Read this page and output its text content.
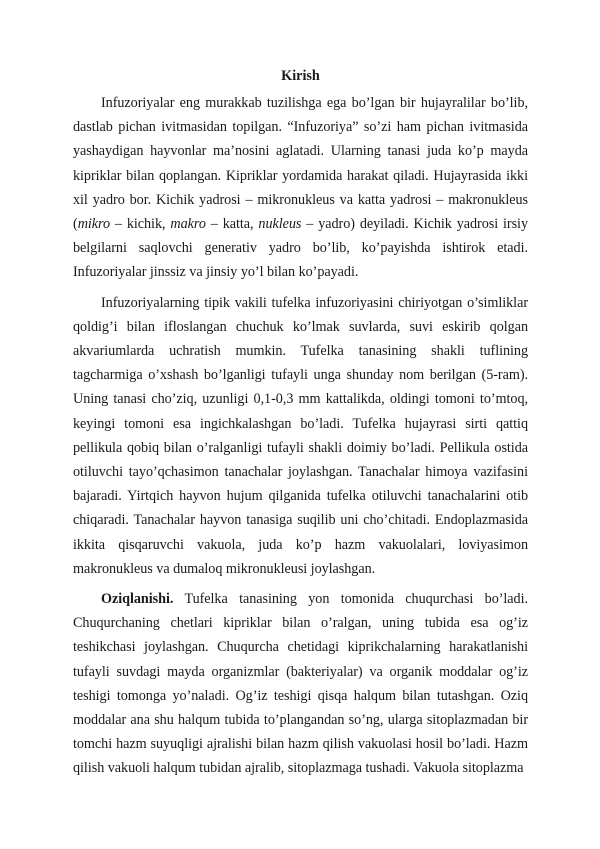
Kirish

Infuzoriyalar eng murakkab tuzilishga ega bo’lgan bir hujayralilar bo’lib, dastlab pichan ivitmasidan topilgan. “Infuzoriya” so’zi ham pichan ivitmasida yashaydigan hayvonlar ma’nosini aglatadi. Ularning tanasi juda ko’p mayda kipriklar bilan qoplangan. Kipriklar yordamida harakat qiladi. Hujayrasida ikki xil yadro bor. Kichik yadrosi – mikronukleus va katta yadrosi – makronukleus (mikro – kichik, makro – katta, nukleus – yadro) deyiladi. Kichik yadrosi irsiy belgilarni saqlovchi generativ yadro bo’lib, ko’payishda ishtirok etadi. Infuzoriyalar jinssiz va jinsiy yo’l bilan ko’payadi.

Infuzoriyalarning tipik vakili tufelka infuzoriyasini chiriyotgan o’simliklar qoldig’i bilan ifloslangan chuchuk ko’lmak suvlarda, suvi eskirib qolgan akvariumlarda uchratish mumkin. Tufelka tanasining shakli tuflining tagcharmiga o’xshash bo’lganligi tufayli unga shunday nom berilgan (5-ram). Uning tanasi cho’ziq, uzunligi 0,1-0,3 mm kattalikda, oldingi tomoni to’mtoq, keyingi tomoni esa ingichkalashgan bo’ladi. Tufelka hujayrasi sirti qattiq pellikula qobiq bilan o’ralganligi tufayli shakli doimiy bo’ladi. Pellikula ostida otiluvchi tayo’qchasimon tanachalar joylashgan. Tanachalar himoya vazifasini bajaradi. Yirtqich hayvon hujum qilganida tufelka otiluvchi tanachalarini otib chiqaradi. Tanachalar hayvon tanasiga suqilib uni cho’chitadi. Endoplazmasida ikkita qisqaruvchi vakuola, juda ko’p hazm vakuolalari, loviyasimon makronukleus va dumaloq mikronukleusi joylashgan.

Oziqlanishi. Tufelka tanasining yon tomonida chuqurchasi bo’ladi. Chuqurchaning chetlari kipriklar bilan o’ralgan, uning tubida esa og’iz teshikchasi joylashgan. Chuqurcha chetidagi kiprikchalarning harakatlanishi tufayli suvdagi mayda organizmlar (bakteriyalar) va organik moddalar og’iz teshigi tomonga yo’naladi. Og’iz teshigi qisqa halqum bilan tutashgan. Oziq moddalar ana shu halqum tubida to’plangandan so’ng, ularga sitoplazmadan bir tomchi hazm suyuqligi ajralishi bilan hazm qilish vakuolasi hosil bo’ladi. Hazm qilish vakuoli halqum tubidan ajralib, sitoplazmaga tushadi. Vakuola sitoplazma
